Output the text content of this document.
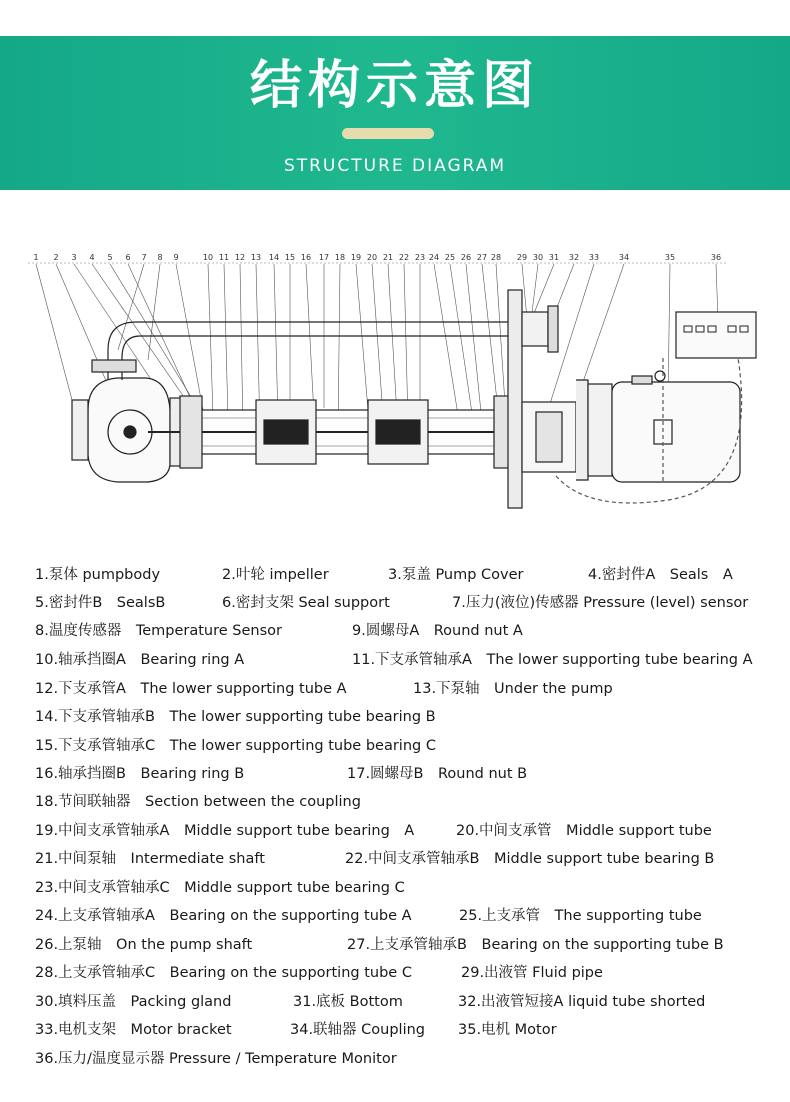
结构示意图
STRUCTURE DIAGRAM
1 2 3 4 5 6 7 8 9	10 11 12 13 14 15 16 17 18 19 20 21 22 23 24 25 26 27 28 29 30 31 32 33 34	35	36
1.泵体 pumpbody	2.叶轮 impeller	3.泵盖 Pump Cover	4.密封件A　Seals　A
5.密封件B　SealsB	6.密封支架 Seal support	7.压力(液位)传感器 Pressure (level) sensor
8.温度传感器　Temperature Sensor	9.圆螺母A　Round nut A
10.轴承挡圈A　Bearing ring A	11.下支承管轴承A　The lower supporting tube bearing A
12.下支承管A　The lower supporting tube A	13.下泵轴　Under the pump
14.下支承管轴承B　The lower supporting tube bearing B
15.下支承管轴承C　The lower supporting tube bearing C
16.轴承挡圈B　Bearing ring B	17.圆螺母B　Round nut B
18.节间联轴器　Section between the coupling
19.中间支承管轴承A　Middle support tube bearing　A	20.中间支承管　Middle support tube
21.中间泵轴　Intermediate shaft	22.中间支承管轴承B　Middle support tube bearing B
23.中间支承管轴承C　Middle support tube bearing C
24.上支承管轴承A　Bearing on the supporting tube A	25.上支承管　The supporting tube
26.上泵轴　On the pump shaft	27.上支承管轴承B　Bearing on the supporting tube B
28.上支承管轴承C　Bearing on the supporting tube C	29.出液管 Fluid pipe
30.填料压盖　Packing gland	31.底板 Bottom	32.出液管短接A liquid tube shorted
33.电机支架　Motor bracket	34.联轴器 Coupling 35.电机 Motor
36.压力/温度显示器 Pressure / Temperature Monitor
